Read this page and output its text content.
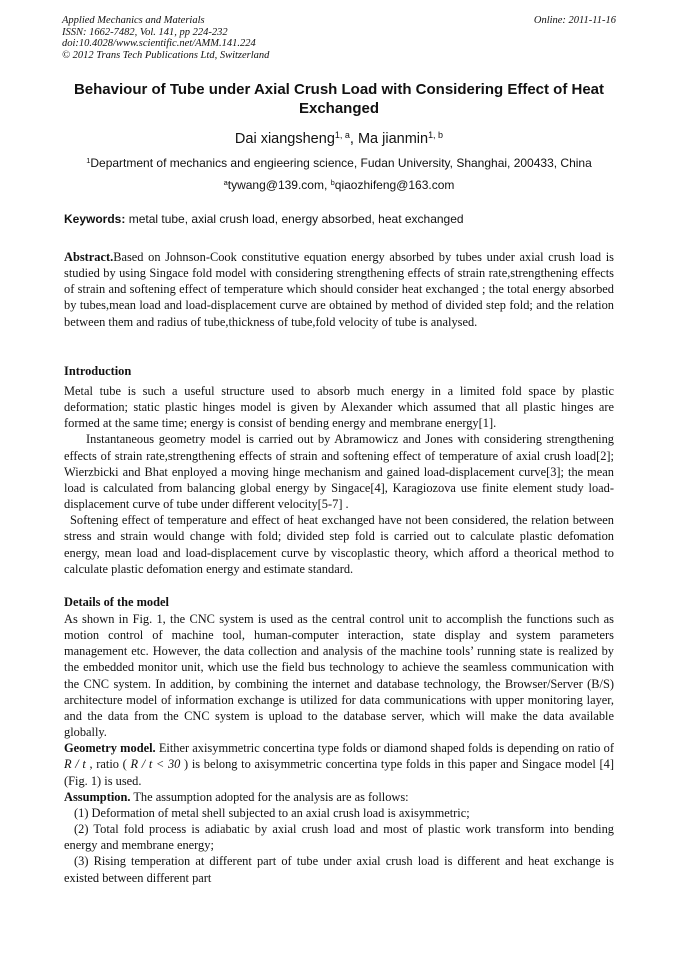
Applied Mechanics and Materials
ISSN: 1662-7482, Vol. 141, pp 224-232
doi:10.4028/www.scientific.net/AMM.141.224
© 2012 Trans Tech Publications Ltd, Switzerland
Online: 2011-11-16
Behaviour of Tube under Axial Crush Load with Considering Effect of Heat Exchanged
Dai xiangsheng$^{1, a}$, Ma jianmin$^{1, b}$
$^1$Department of mechanics and engieering science, Fudan University, Shanghai, 200433, China
$^a$tywang@139.com, $^b$qiaozhifeng@163.com
Keywords: metal tube, axial crush load, energy absorbed, heat exchanged

Abstract.Based on Johnson-Cook constitutive equation energy absorbed by tubes under axial crush load is studied by using Singace fold model with considering strengthening effects of strain rate,strengthening effects of strain and softening effect of temperature which should consider heat exchanged ; the total energy absorbed by tubes,mean load and load-displacement curve are obtained by method of divided step fold; and the relation between them and radius of tube,thickness of tube,fold velocity of tube is analysed.

Introduction

Metal tube is such a useful structure used to absorb much energy in a limited fold space by plastic deformation; static plastic hinges model is given by Alexander which assumed that all plastic hinges are formed at the same time; energy is consist of bending energy and membrane energy[1].

Instantaneous geometry model is carried out by Abramowicz and Jones with considering strengthening effects of strain rate,strengthening effects of strain and softening effect of temperature of axial crush load[2]; Wierzbicki and Bhat enployed a moving hinge mechanism and gained load-displacement curve[3]; the mean load is calculated from balancing global energy by Singace[4], Karagiozova use finite element study load-displacement curve of tube under different velocity[5-7] .

Softening effect of temperature and effect of heat exchanged have not been considered, the relation between stress and strain would change with fold; divided step fold is carried out to calculate plastic defomation energy, mean load and load-displacement curve by viscoplastic theory, which afford a theorical method to calculate plastic defomation energy and estimate standard.

Details of the model

As shown in Fig. 1, the CNC system is used as the central control unit to accomplish the functions such as motion control of machine tool, human-computer interaction, state display and system parameters management etc. However, the data collection and analysis of the machine tools’ running state is realized by the embedded monitor unit, which use the field bus technology to achieve the seamless communication with the CNC system. In addition, by combining the internet and database technology, the Browser/Server (B/S) architecture model of information exchange is utilized for data communications with upper monitoring layer, and the data from the CNC system is upload to the database server, which will make the data available globally.

Geometry model. Either axisymmetric concertina type folds or diamond shaped folds is depending on ratio of R / t , ratio ( R / t < 30 ) is belong to axisymmetric concertina type folds in this paper and Singace model [4] (Fig. 1) is used.

Assumption. The assumption adopted for the analysis are as follows:

(1) Deformation of metal shell subjected to an axial crush load is axisymmetric;

(2) Total fold process is adiabatic by axial crush load and most of plastic work transform into bending energy and membrane energy;

(3) Rising temperation at different part of tube under axial crush load is different and heat exchange is existed between different part
